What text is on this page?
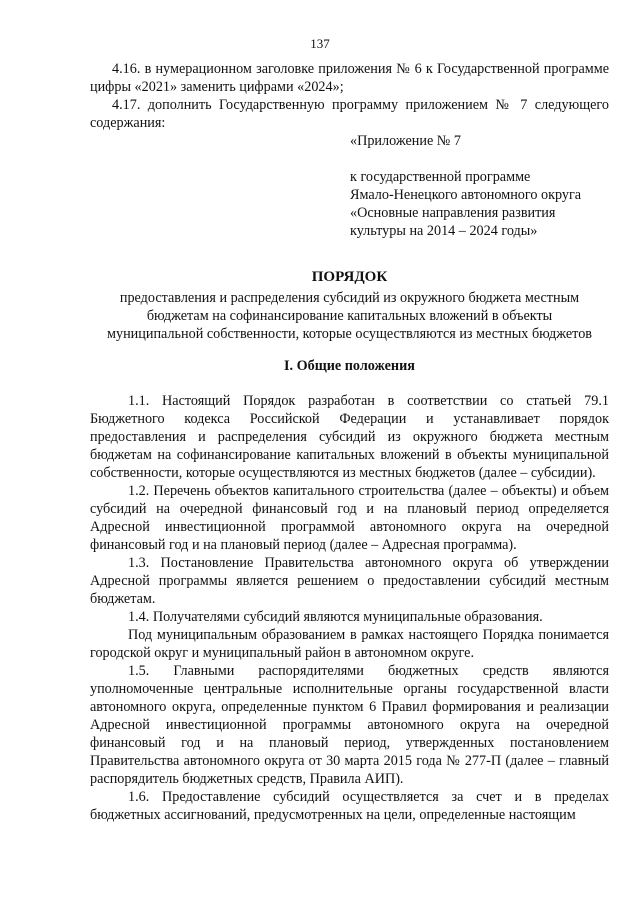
137

4.16. в нумерационном заголовке приложения № 6 к Государственной программе цифры «2021» заменить цифрами «2024»;

4.17. дополнить Государственную программу приложением № 7 следующего содержания:

«Приложение № 7
к государственной программе
Ямало-Ненецкого автономного округа
«Основные направления развития
культуры на 2014 – 2024 годы»
ПОРЯДОК
предоставления и распределения субсидий из окружного бюджета местным
бюджетам на софинансирование капитальных вложений в объекты
муниципальной собственности, которые осуществляются из местных бюджетов
I. Общие положения

1.1. Настоящий Порядок разработан в соответствии со статьей 79.1 Бюджетного кодекса Российской Федерации и устанавливает порядок предоставления и распределения субсидий из окружного бюджета местным бюджетам на софинансирование капитальных вложений в объекты муниципальной собственности, которые осуществляются из местных бюджетов (далее – субсидии).

1.2. Перечень объектов капитального строительства (далее – объекты) и объем субсидий на очередной финансовый год и на плановый период определяется Адресной инвестиционной программой автономного округа на очередной финансовый год и на плановый период (далее – Адресная программа).

1.3. Постановление Правительства автономного округа об утверждении Адресной программы является решением о предоставлении субсидий местным бюджетам.

1.4. Получателями субсидий являются муниципальные образования.

Под муниципальным образованием в рамках настоящего Порядка понимается городской округ и муниципальный район в автономном округе.

1.5. Главными распорядителями бюджетных средств являются уполномоченные центральные исполнительные органы государственной власти автономного округа, определенные пунктом 6 Правил формирования и реализации Адресной инвестиционной программы автономного округа на очередной финансовый год и на плановый период, утвержденных постановлением Правительства автономного округа от 30 марта 2015 года № 277-П (далее – главный распорядитель бюджетных средств, Правила АИП).

1.6. Предоставление субсидий осуществляется за счет и в пределах бюджетных ассигнований, предусмотренных на цели, определенные настоящим
